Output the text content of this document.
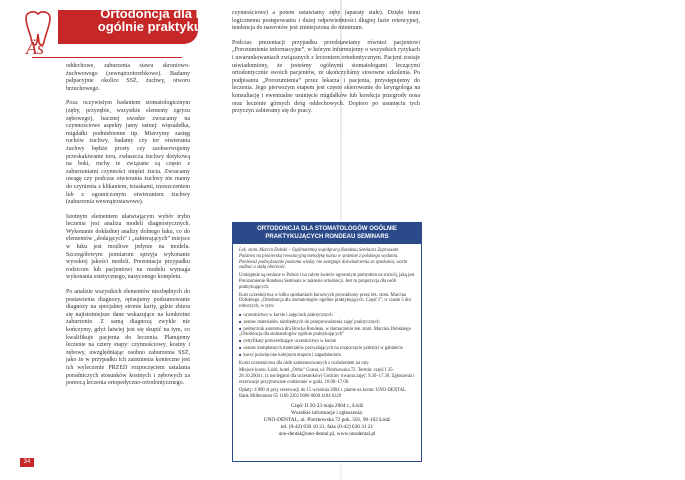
Äs
Ortodoncja dla lekarzy
ogólnie praktykujących

oddechowe, zaburzenia stawu skroniowo-żuchwowego (zewnątrzotorebkowe). Badamy palpacyjnie okolice SSŻ, żuchwy, otworu brzuchowego.

Poza oczywistym badaniem stomatologicznym (zęby, przyzębie, wszystkie elementy zgryzu zębowego), bacznej uwadze zwracamy na czynnościowe aspekty jamy ustnej: więzadełka, migdałki podniebienne itp. Mierzymy zasięg ruchów żuchwy, badamy czy tor otwierania żuchwy będzie prosty czy zaobserwujemy przeskakiwanie toru, zwłaszcza żuchwy dotykową na boki, ruchy te związane są często z zaburzeniami czynności mięśni żucia. Zwracamy uwagę czy podczas otwierania żuchwy nie mamy do czynienia z klikaniem, trzaskami, trzeszczeniem lub z ograniczonym otwieraniem żuchwy (zaburzenia wewnątrzstawowe).

Istotnym elementem ułatwiającym wybór trybu leczenia jest analiza modeli diagnostycznych. Wykonanie dokładnej analizy dolnego łuku, co do elementów „dodających” i „zabierających” miejsce w łuku jest możliwe jedynie na modelu. Szczegółowym pomiarom sprzyja wykonanie wysokiej jakości modeli. Prezentacja przypadku rodzicom lub pacjentowi na modelu wymaga wykonania estetycznego, nasyconego kompletu.

Po analizie wszystkich elementów niezbędnych do postawienia diagnozy, opisujemy podsumowanie diagnozy na specjalnej stronie karty, gdzie zbiera się najistotniejsze dane wskazujące na konkretne zaburzenie. Z samą diagnozą zwykle nie kończymy, gdyż łatwiej jest się skupić na tym, co kwalifikuje pacjenta do leczenia. Planujemy leczenie na cztery etapy: czynnościowy, kostny i zębowy, uwzględniając osobno zaburzenia SSŻ, jako że w przypadku ich zaistnienia konieczne jest ich wyleczenie PRZED rozpoczęciem ustalania poradniczych stosunków kostnych i zębowych za pomocą leczenia ortopedyczno-ortodontycznego.

czynnościowe) a potem ustawiamy zęby (aparaty stałe). Dzięki temu logicznemu postępowaniu i dużej odpowiedniości dlugiej fazie retencyjnej, tendencja do nawrotów jest zmniejszona do minimum.

Podczas prezentacji przypadku przedstawiamy również pacjentowi „Porozumienie informacyjne”, w którym informujemy o wszystkich ryzykach i uwarunkowaniach związanych z leczeniem ortodontycznym. Pacjent zostaje uświadomiony, że jesteśmy ogólnymi stomatologami leczącymi ortodontycznie swoich pacjentów, ze ukończyliśmy stosowne szkolenia. Po podpisaniu „Porozumienia” przez lekarza i pacjenta, przystępujemy do leczenia. Jego pierwszym etapem jest często skierowanie do laryngologa na konsultację i ewentualne usunięcie migdałków lub korekcja przegrody nosa oraz leczenie górnych dróg oddechowych. Dopiero po usunięciu tych przyczyn zabieramy się do pracy.

ORTODONCJA DLA STOMATOLOGÓW OGÓLNIE
PRAKTYKUJĄCYCH RONDEAU SEMINARS

Lek. stom. Marcin Dobski – Ogólnoletnią współpracą Rondeau Seminars Zapraszam Państwa na pionierską rewolucyjną metodykę kursu w systemie z polskiego wydania. Ponieważ podwyższanie poziomu wiedzy nie zastępuje doświadczenia ze spotkania, warto zadbać o stałą obecność.

Umiejętnie są cenione w Polsce i na całym świecie ogromnym pomysłem na rozwój, jaką jest Porozumienie Rondeau Seminars w zakresie ortodoncji. Jest to propozycja dla osób praktykujących.

Kurs uczestnictwa w kilku spotkaniach kursowych prowadzony przez lek. stom. Marcina Dobskiego „Ortodoncja dla stomatologów ogólnie praktykujących. Część I”, w czasie 5 dni roboczych, w tym:

■ uczestnictwo w kursie i zajęciach praktycznych
■ zestaw materiałów niezbędnych do przeprowadzenia zajęć praktycznych
■ podręcznik autorstwa dra Brocka Rondeau, w tłumaczeniu lek. stom. Marcina Dobskiego „Ortodoncja dla stomatologów ogólnie praktykujących”
■ certyfikaty potwierdzające uczestnictwo w kursie
■ zestaw kompletnych materiałów pozwalających na rozpoczęcie praktyki w gabinecie
■ kursy poświęcone kolejnym etapom i zagadnieniom

Koszt uczestnictwa dla osób zainteresowanych z rozłożeniem na raty.

Miejsce kursu: Łódź, hotel „Orbis” Grand, ul. Piotrkowska 72. Termin: część I 25-28.10.2004 r. (z noclegami dla uczestników) Godziny trwania zajęć: 9.30–17.30. Zgłoszenia i rezerwacje przyjmowane codziennie w godz. 10.00–17.00.

Opłaty: 4 000 zł przy rezerwacji do 15 września 2004 r. płatne na konto: UNO-DENTAL Bank Millennium 65 1160 2202 0000 0000 4184 6329

Część II 20-23 maja 2004 r., Łódź
Wszelkie informacje i zgłoszenia:
UNO-DENTAL, ul. Piotrkowska 72 pok. 501, 90-102 Łódź
tel. (0-42) 630 10 21, faks (0-42) 630 31 21
uno-dental@uno-dental.pl, www.unodental.pl
34
